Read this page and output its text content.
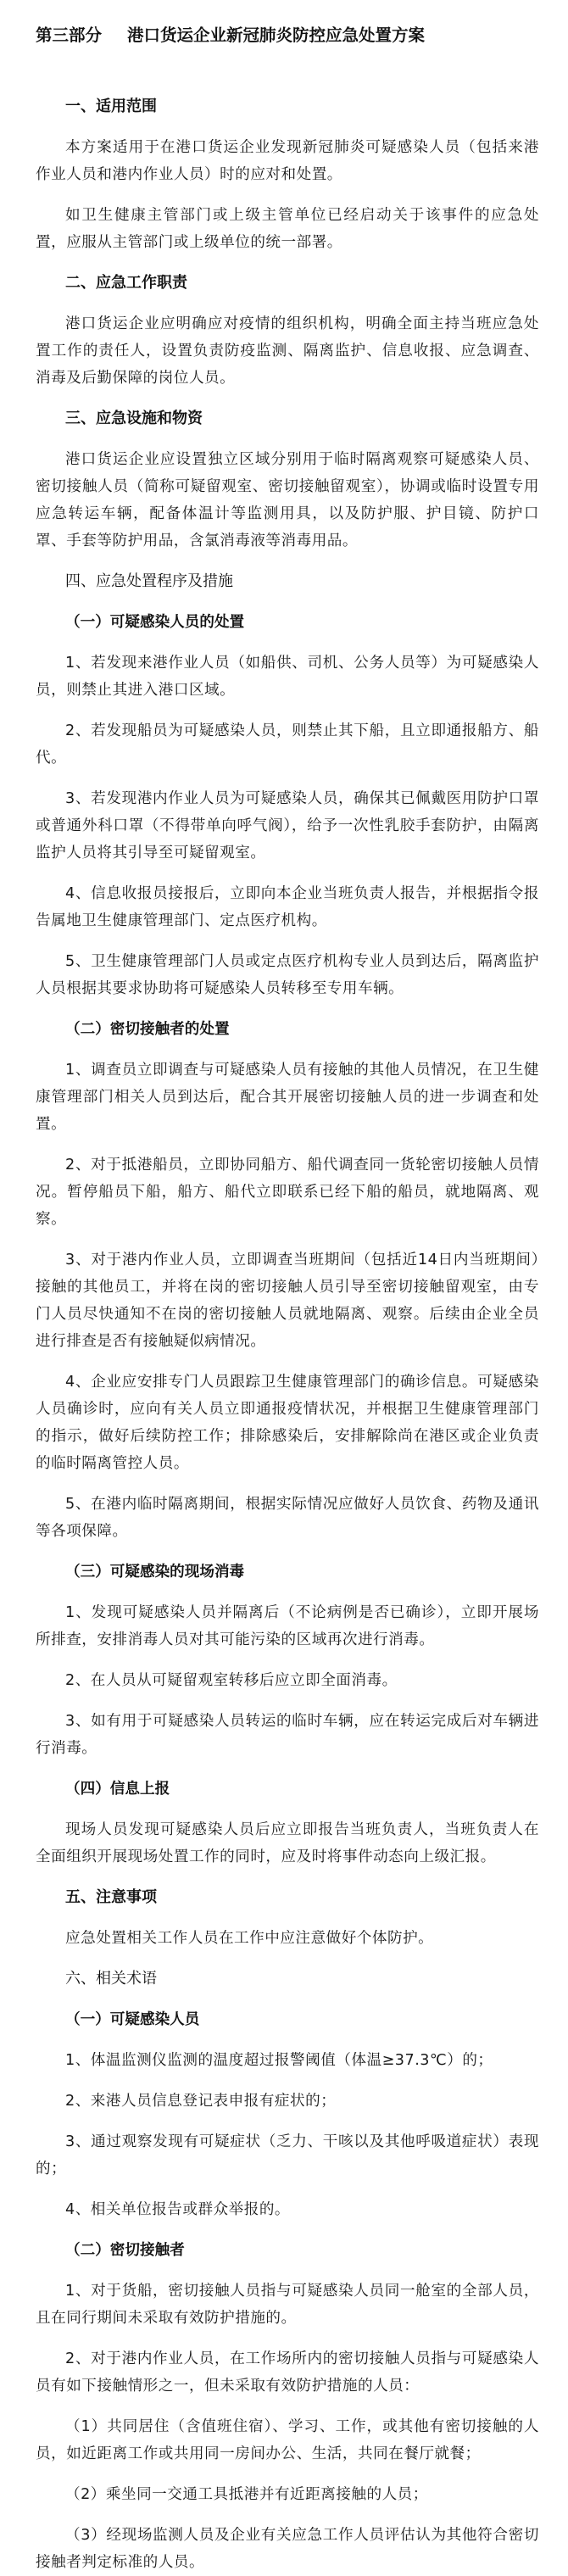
第三部分 港口货运企业新冠肺炎防控应急处置方案
一、适用范围
本方案适用于在港口货运企业发现新冠肺炎可疑感染人员（包括来港作业人员和港内作业人员）时的应对和处置。
如卫生健康主管部门或上级主管单位已经启动关于该事件的应急处置，应服从主管部门或上级单位的统一部署。
二、应急工作职责
港口货运企业应明确应对疫情的组织机构，明确全面主持当班应急处置工作的责任人，设置负责防疫监测、隔离监护、信息收报、应急调查、消毒及后勤保障的岗位人员。
三、应急设施和物资
港口货运企业应设置独立区域分别用于临时隔离观察可疑感染人员、密切接触人员（简称可疑留观室、密切接触留观室），协调或临时设置专用应急转运车辆，配备体温计等监测用具，以及防护服、护目镜、防护口罩、手套等防护用品，含氯消毒液等消毒用品。
四、应急处置程序及措施
（一）可疑感染人员的处置
1、若发现来港作业人员（如船供、司机、公务人员等）为可疑感染人员，则禁止其进入港口区域。
2、若发现船员为可疑感染人员，则禁止其下船，且立即通报船方、船代。
3、若发现港内作业人员为可疑感染人员，确保其已佩戴医用防护口罩或普通外科口罩（不得带单向呼气阀），给予一次性乳胶手套防护，由隔离监护人员将其引导至可疑留观室。
4、信息收报员接报后，立即向本企业当班负责人报告，并根据指令报告属地卫生健康管理部门、定点医疗机构。
5、卫生健康管理部门人员或定点医疗机构专业人员到达后，隔离监护人员根据其要求协助将可疑感染人员转移至专用车辆。
（二）密切接触者的处置
1、调查员立即调查与可疑感染人员有接触的其他人员情况，在卫生健康管理部门相关人员到达后，配合其开展密切接触人员的进一步调查和处置。
2、对于抵港船员，立即协同船方、船代调查同一货轮密切接触人员情况。暂停船员下船，船方、船代立即联系已经下船的船员，就地隔离、观察。
3、对于港内作业人员，立即调查当班期间（包括近14日内当班期间）接触的其他员工，并将在岗的密切接触人员引导至密切接触留观室，由专门人员尽快通知不在岗的密切接触人员就地隔离、观察。后续由企业全员进行排查是否有接触疑似病情况。
4、企业应安排专门人员跟踪卫生健康管理部门的确诊信息。可疑感染人员确诊时，应向有关人员立即通报疫情状况，并根据卫生健康管理部门的指示，做好后续防控工作；排除感染后，安排解除尚在港区或企业负责的临时隔离管控人员。
5、在港内临时隔离期间，根据实际情况应做好人员饮食、药物及通讯等各项保障。
（三）可疑感染的现场消毒
1、发现可疑感染人员并隔离后（不论病例是否已确诊），立即开展场所排查，安排消毒人员对其可能污染的区域再次进行消毒。
2、在人员从可疑留观室转移后应立即全面消毒。
3、如有用于可疑感染人员转运的临时车辆，应在转运完成后对车辆进行消毒。
（四）信息上报
现场人员发现可疑感染人员后应立即报告当班负责人，当班负责人在全面组织开展现场处置工作的同时，应及时将事件动态向上级汇报。
五、注意事项
应急处置相关工作人员在工作中应注意做好个体防护。
六、相关术语
（一）可疑感染人员
1、体温监测仪监测的温度超过报警阈值（体温≥37.3℃）的；
2、来港人员信息登记表申报有症状的；
3、通过观察发现有可疑症状（乏力、干咳以及其他呼吸道症状）表现的；
4、相关单位报告或群众举报的。
（二）密切接触者
1、对于货船，密切接触人员指与可疑感染人员同一舱室的全部人员，且在同行期间未采取有效防护措施的。
2、对于港内作业人员，在工作场所内的密切接触人员指与可疑感染人员有如下接触情形之一，但未采取有效防护措施的人员：
（1）共同居住（含值班住宿）、学习、工作，或其他有密切接触的人员，如近距离工作或共用同一房间办公、生活，共同在餐厅就餐；
（2）乘坐同一交通工具抵港并有近距离接触的人员；
（3）经现场监测人员及企业有关应急工作人员评估认为其他符合密切接触者判定标准的人员。
